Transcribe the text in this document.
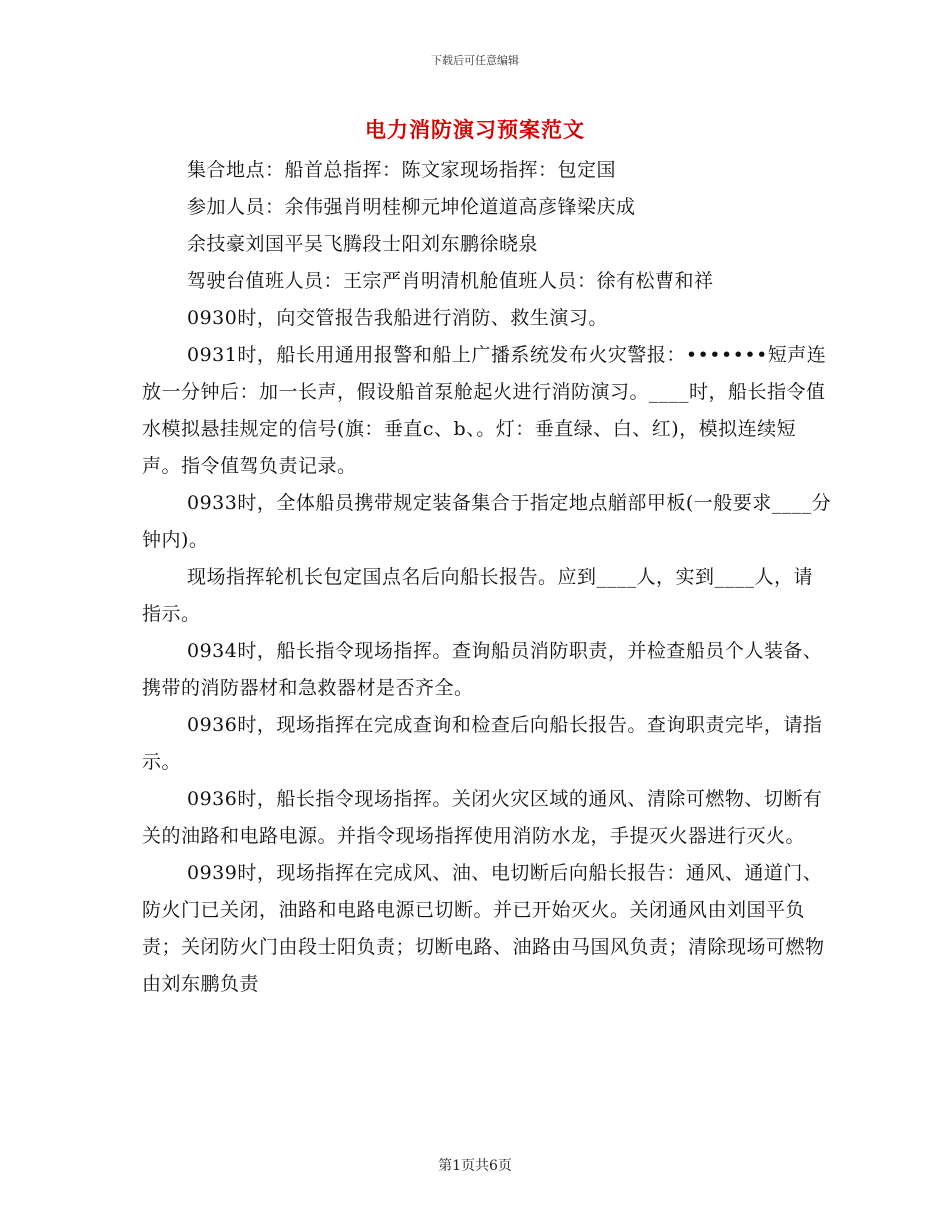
下载后可任意编辑
电力消防演习预案范文

集合地点：船首总指挥：陈文家现场指挥：包定国

参加人员：余伟强肖明桂柳元坤伦道道高彦锋梁庆成

余技豪刘国平吴飞腾段士阳刘东鹏徐晓泉

驾驶台值班人员：王宗严肖明清机舱值班人员：徐有松曹和祥

0930时，向交管报告我船进行消防、救生演习。

0931时，船长用通用报警和船上广播系统发布火灾警报：•••••••短声连放一分钟后：加一长声，假设船首泵舱起火进行消防演习。____时，船长指令值水模拟悬挂规定的信号(旗：垂直c、b、。灯：垂直绿、白、红)，模拟连续短声。指令值驾负责记录。

0933时，全体船员携带规定装备集合于指定地点艏部甲板(一般要求____分钟内)。

现场指挥轮机长包定国点名后向船长报告。应到____人，实到____人，请指示。

0934时，船长指令现场指挥。查询船员消防职责，并检查船员个人装备、携带的消防器材和急救器材是否齐全。

0936时，现场指挥在完成查询和检查后向船长报告。查询职责完毕，请指示。

0936时，船长指令现场指挥。关闭火灾区域的通风、清除可燃物、切断有关的油路和电路电源。并指令现场指挥使用消防水龙，手提灭火器进行灭火。

0939时，现场指挥在完成风、油、电切断后向船长报告：通风、通道门、防火门已关闭，油路和电路电源已切断。并已开始灭火。关闭通风由刘国平负责；关闭防火门由段士阳负责；切断电路、油路由马国风负责；清除现场可燃物由刘东鹏负责

第1页共6页
